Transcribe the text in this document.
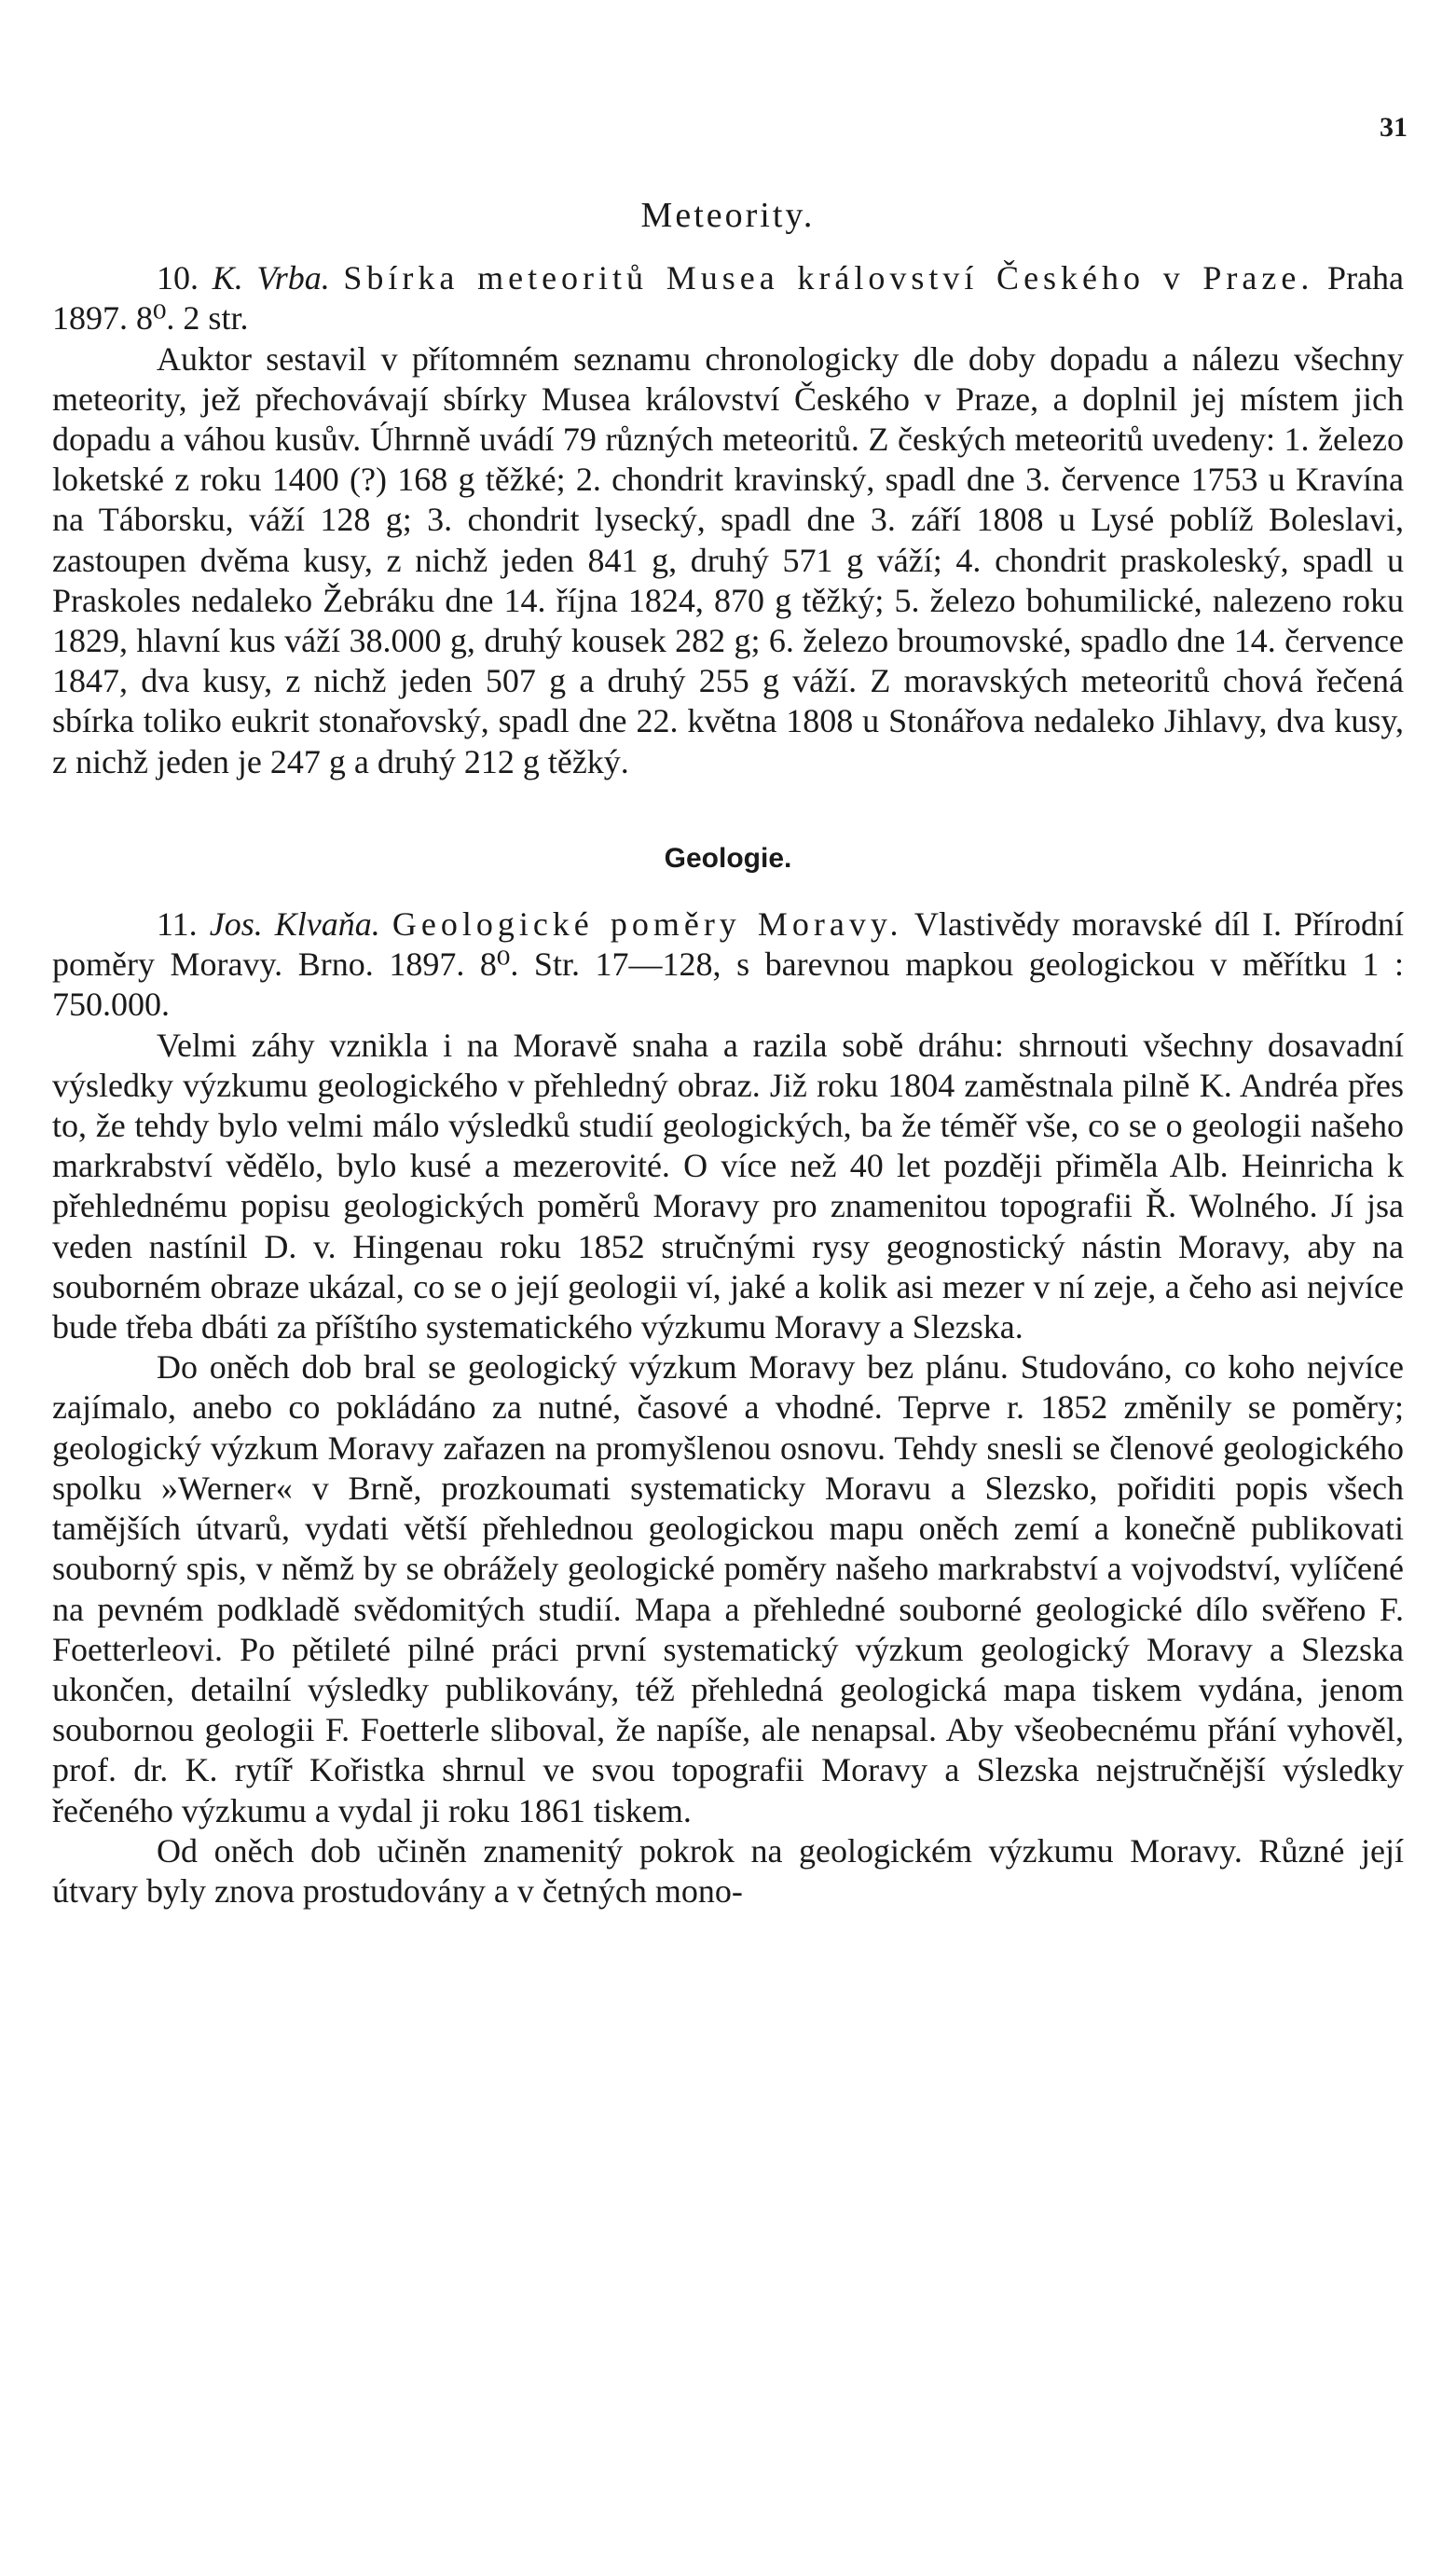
31
Meteority.

10. K. Vrba. Sbírka meteoritů Musea království Českého v Praze. Praha 1897. 8⁰. 2 str.

Auktor sestavil v přítomném seznamu chronologicky dle doby dopadu a nálezu všechny meteority, jež přechovávají sbírky Musea království Českého v Praze, a doplnil jej místem jich dopadu a váhou kusův. Úhrnně uvádí 79 různých meteoritů. Z českých meteoritů uvedeny: 1. železo loketské z roku 1400 (?) 168 g těžké; 2. chondrit kravinský, spadl dne 3. července 1753 u Kravína na Táborsku, váží 128 g; 3. chondrit lysecký, spadl dne 3. září 1808 u Lysé poblíž Boleslavi, zastoupen dvěma kusy, z nichž jeden 841 g, druhý 571 g váží; 4. chondrit praskoleský, spadl u Praskoles nedaleko Žebráku dne 14. října 1824, 870 g těžký; 5. železo bohumilické, nalezeno roku 1829, hlavní kus váží 38.000 g, druhý kousek 282 g; 6. železo broumovské, spadlo dne 14. července 1847, dva kusy, z nichž jeden 507 g a druhý 255 g váží. Z moravských meteoritů chová řečená sbírka toliko eukrit stonařovský, spadl dne 22. května 1808 u Stonářova nedaleko Jihlavy, dva kusy, z nichž jeden je 247 g a druhý 212 g těžký.

Geologie.

11. Jos. Klvaňa. Geologické poměry Moravy. Vlastivědy moravské díl I. Přírodní poměry Moravy. Brno. 1897. 8⁰. Str. 17—128, s barevnou mapkou geologickou v měřítku 1 : 750.000.

Velmi záhy vznikla i na Moravě snaha a razila sobě dráhu: shrnouti všechny dosavadní výsledky výzkumu geologického v přehledný obraz. Již roku 1804 zaměstnala pilně K. Andréa přes to, že tehdy bylo velmi málo výsledků studií geologických, ba že téměř vše, co se o geologii našeho markrabství vědělo, bylo kusé a mezerovité. O více než 40 let později přiměla Alb. Heinricha k přehlednému popisu geologických poměrů Moravy pro znamenitou topografii Ř. Wolného. Jí jsa veden nastínil D. v. Hingenau roku 1852 stručnými rysy geognostický nástin Moravy, aby na souborném obraze ukázal, co se o její geologii ví, jaké a kolik asi mezer v ní zeje, a čeho asi nejvíce bude třeba dbáti za příštího systematického výzkumu Moravy a Slezska.

Do oněch dob bral se geologický výzkum Moravy bez plánu. Studováno, co koho nejvíce zajímalo, anebo co pokládáno za nutné, časové a vhodné. Teprve r. 1852 změnily se poměry; geologický výzkum Moravy zařazen na promyšlenou osnovu. Tehdy snesli se členové geologického spolku »Werner« v Brně, prozkoumati systematicky Moravu a Slezsko, pořiditi popis všech tamějších útvarů, vydati větší přehlednou geologickou mapu oněch zemí a konečně publikovati souborný spis, v němž by se obrážely geologické poměry našeho markrabství a vojvodství, vylíčené na pevném podkladě svědomitých studií. Mapa a přehledné souborné geologické dílo svěřeno F. Foetterleovi. Po pětileté pilné práci první systematický výzkum geologický Moravy a Slezska ukončen, detailní výsledky publikovány, též přehledná geologická mapa tiskem vydána, jenom soubornou geologii F. Foetterle sliboval, že napíše, ale nenapsal. Aby všeobecnému přání vyhověl, prof. dr. K. rytíř Kořistka shrnul ve svou topografii Moravy a Slezska nejstručnější výsledky řečeného výzkumu a vydal ji roku 1861 tiskem.

Od oněch dob učiněn znamenitý pokrok na geologickém výzkumu Moravy. Různé její útvary byly znova prostudovány a v četných mono-
